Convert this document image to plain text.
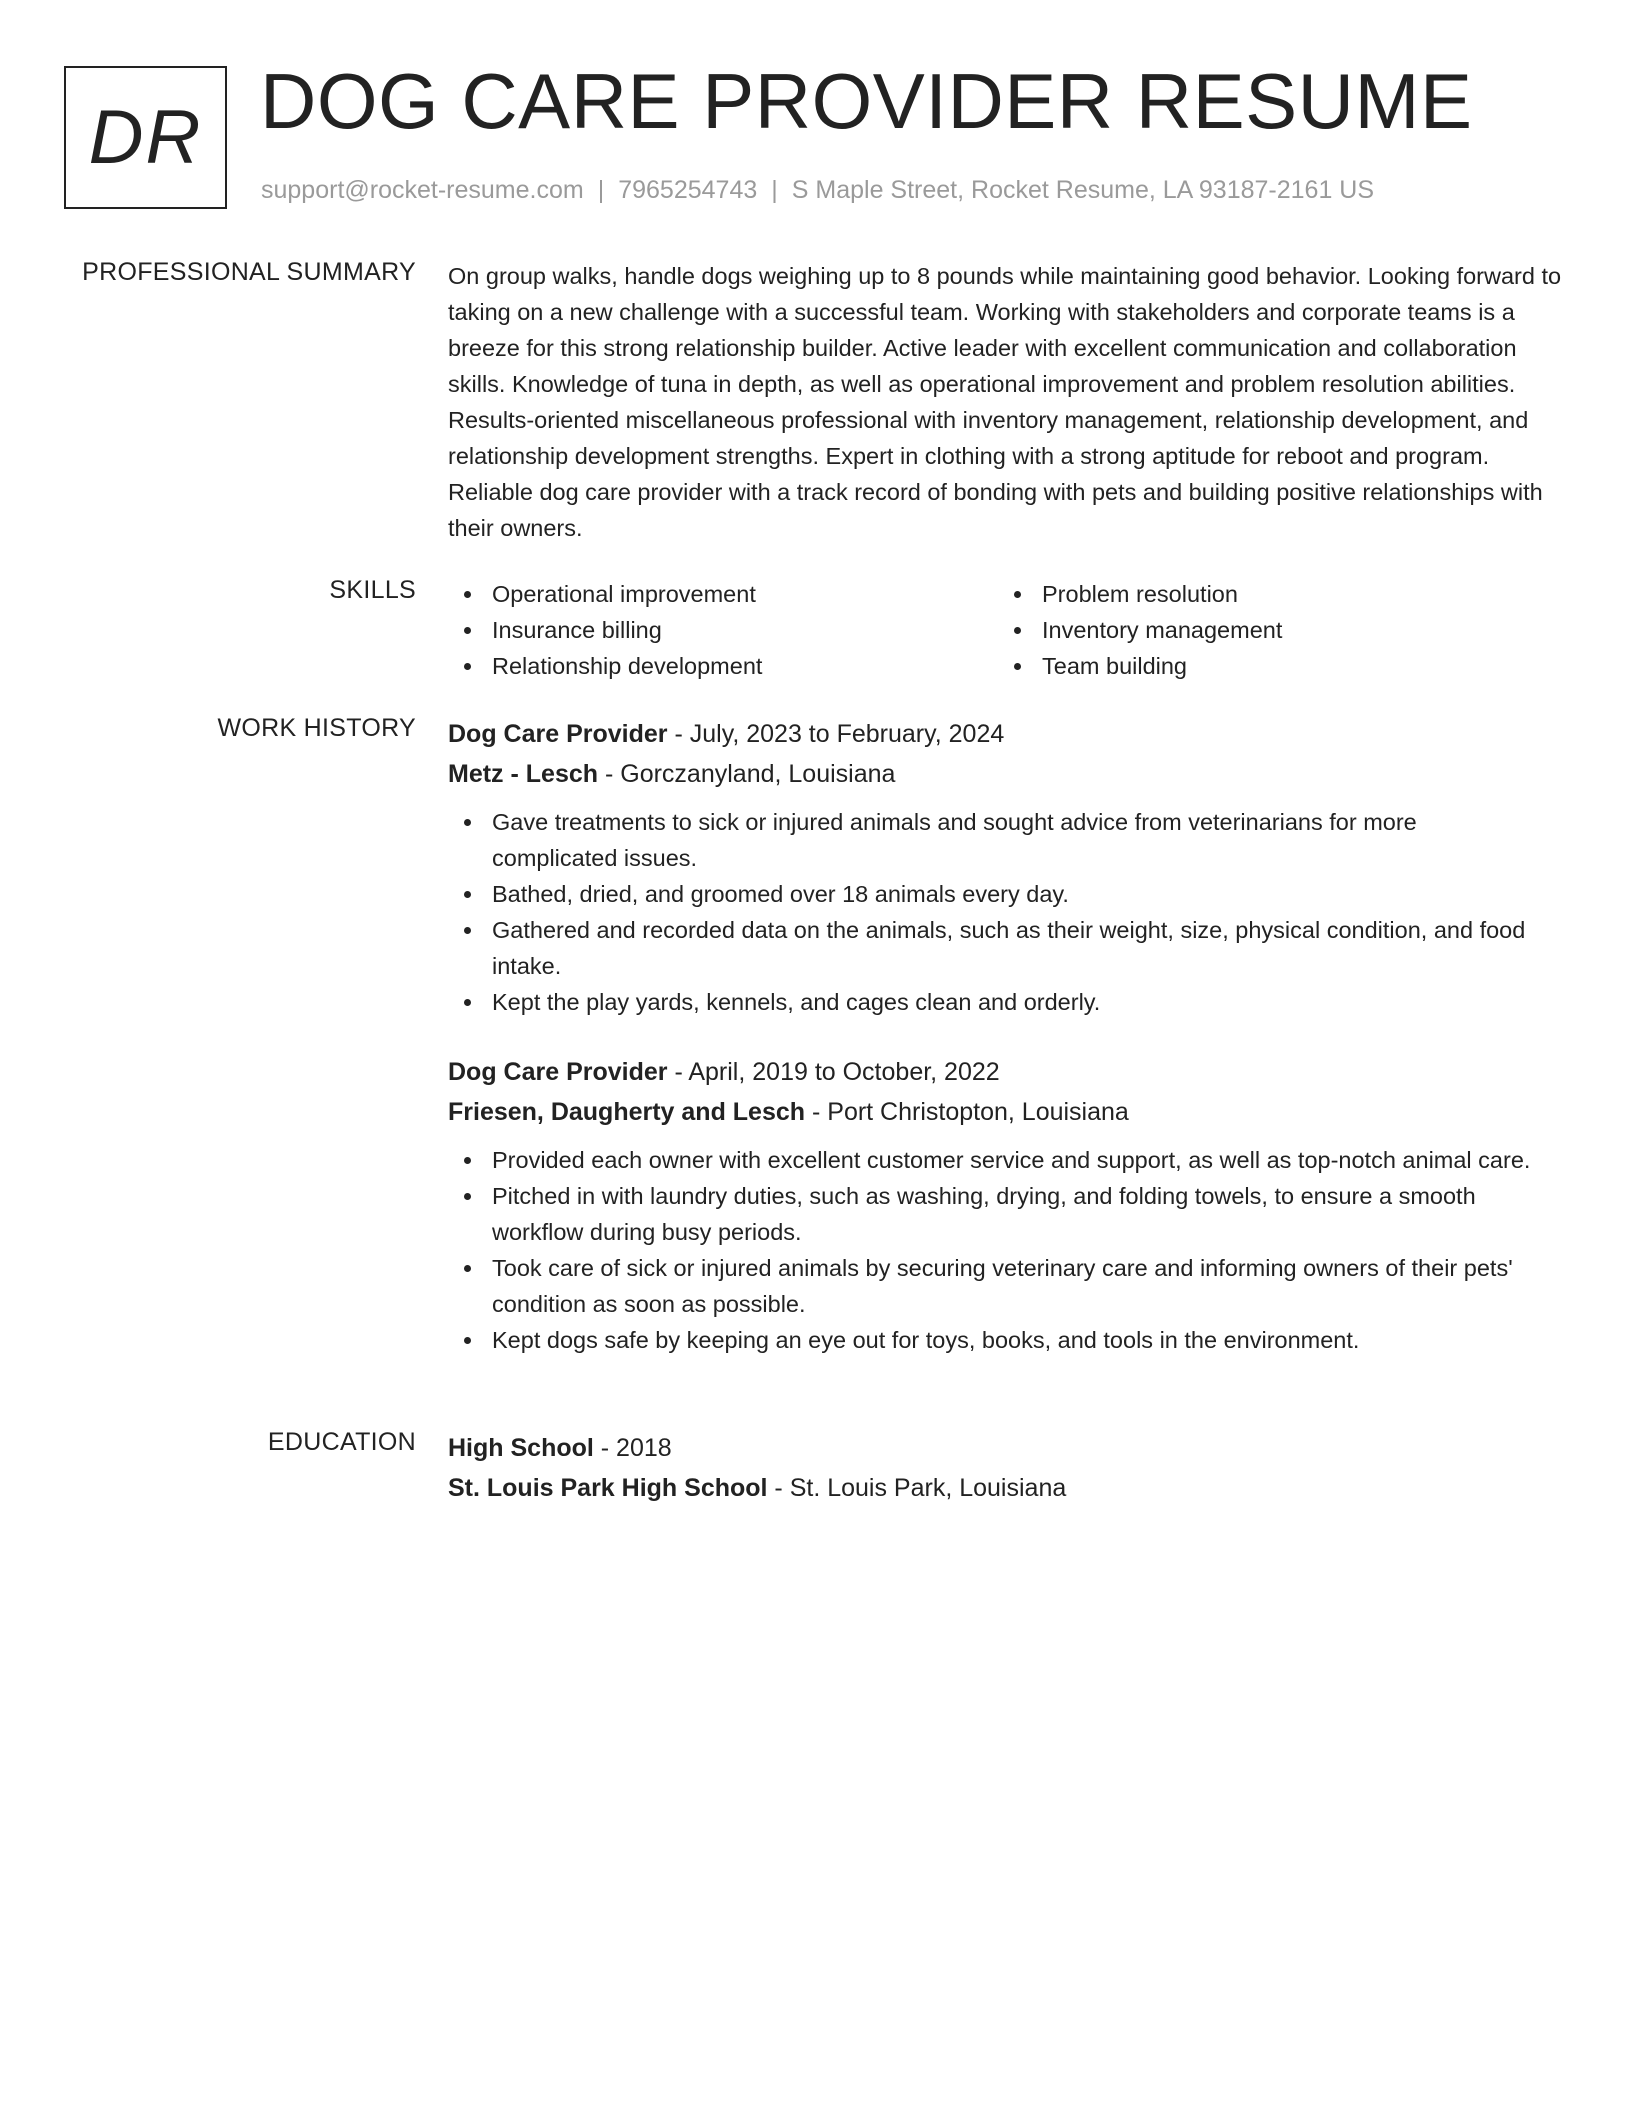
DR DOG CARE PROVIDER RESUME
support@rocket-resume.com | 7965254743 | S Maple Street, Rocket Resume, LA 93187-2161 US
PROFESSIONAL SUMMARY On group walks, handle dogs weighing up to 8 pounds while maintaining good behavior. Looking forward to taking on a new challenge with a successful team. Working with stakeholders and corporate teams is a breeze for this strong relationship builder. Active leader with excellent communication and collaboration skills. Knowledge of tuna in depth, as well as operational improvement and problem resolution abilities. Results-oriented miscellaneous professional with inventory management, relationship development, and relationship development strengths. Expert in clothing with a strong aptitude for reboot and program. Reliable dog care provider with a track record of bonding with pets and building positive relationships with their owners.

SKILLS	Operational improvement
Insurance billing
Relationship development
Problem resolution
Inventory management
Team building
WORK HISTORY Dog Care Provider - July, 2023 to February, 2024
Metz - Lesch - Gorczanyland, Louisiana
Gave treatments to sick or injured animals and sought advice from veterinarians for more complicated issues.
Bathed, dried, and groomed over 18 animals every day.
Gathered and recorded data on the animals, such as their weight, size, physical condition, and food intake.
Kept the play yards, kennels, and cages clean and orderly.
Dog Care Provider - April, 2019 to October, 2022
Friesen, Daugherty and Lesch - Port Christopton, Louisiana
Provided each owner with excellent customer service and support, as well as top-notch animal care.
Pitched in with laundry duties, such as washing, drying, and folding towels, to ensure a smooth workflow during busy periods.
Took care of sick or injured animals by securing veterinary care and informing owners of their pets' condition as soon as possible.
Kept dogs safe by keeping an eye out for toys, books, and tools in the environment.
EDUCATION High School - 2018
St. Louis Park High School - St. Louis Park, Louisiana
